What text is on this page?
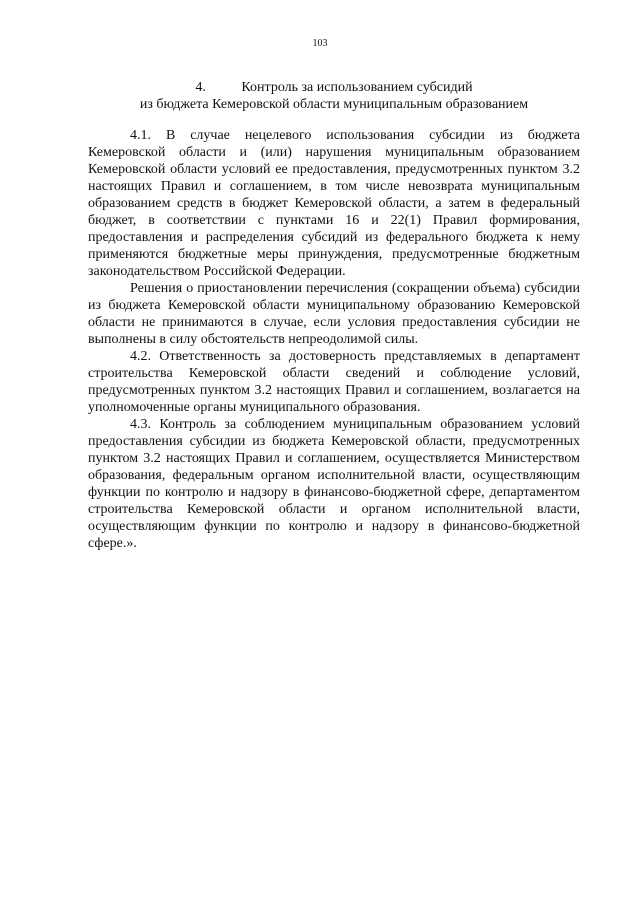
103
4.	Контроль за использованием субсидий
из бюджета Кемеровской области муниципальным образованием

4.1. В случае нецелевого использования субсидии из бюджета Кемеровской области и (или) нарушения муниципальным образованием Кемеровской области условий ее предоставления, предусмотренных пунктом 3.2 настоящих Правил и соглашением, в том числе невозврата муниципальным образованием средств в бюджет Кемеровской области, а затем в федеральный бюджет, в соответствии с пунктами 16 и 22(1) Правил формирования, предоставления и распределения субсидий из федерального бюджета к нему применяются бюджетные меры принуждения, предусмотренные бюджетным законодательством Российской Федерации.

Решения о приостановлении перечисления (сокращении объема) субсидии из бюджета Кемеровской области муниципальному образованию Кемеровской области не принимаются в случае, если условия предоставления субсидии не выполнены в силу обстоятельств непреодолимой силы.

4.2. Ответственность за достоверность представляемых в департамент строительства Кемеровской области сведений и соблюдение условий, предусмотренных пунктом 3.2 настоящих Правил и соглашением, возлагается на уполномоченные органы муниципального образования.

4.3. Контроль за соблюдением муниципальным образованием условий предоставления субсидии из бюджета Кемеровской области, предусмотренных пунктом 3.2 настоящих Правил и соглашением, осуществляется Министерством образования, федеральным органом исполнительной власти, осуществляющим функции по контролю и надзору в финансово-бюджетной сфере, департаментом строительства Кемеровской области и органом исполнительной власти, осуществляющим функции по контролю и надзору в финансово-бюджетной сфере.».
